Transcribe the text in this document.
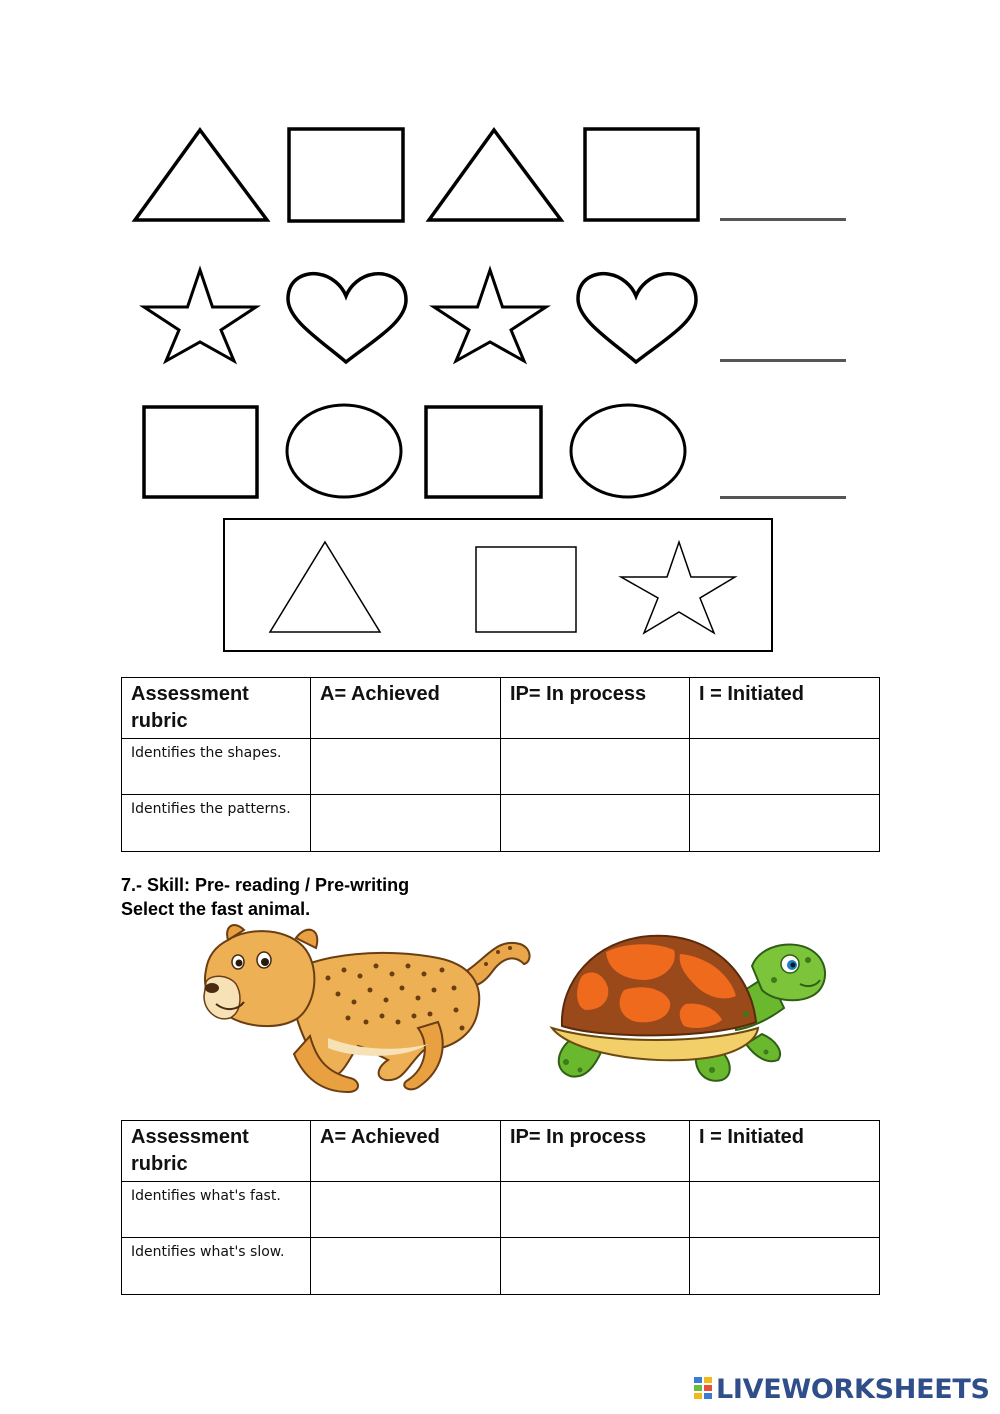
Assessment rubric	A= Achieved	IP= In process	I = Initiated
Identifies the shapes.			
Identifies the patterns.			
7.- Skill: Pre- reading / Pre-writing
Select the fast animal.
Assessment rubric	A= Achieved	IP= In process	I = Initiated
Identifies what's fast.			
Identifies what's slow.			
LIVEWORKSHEETS
